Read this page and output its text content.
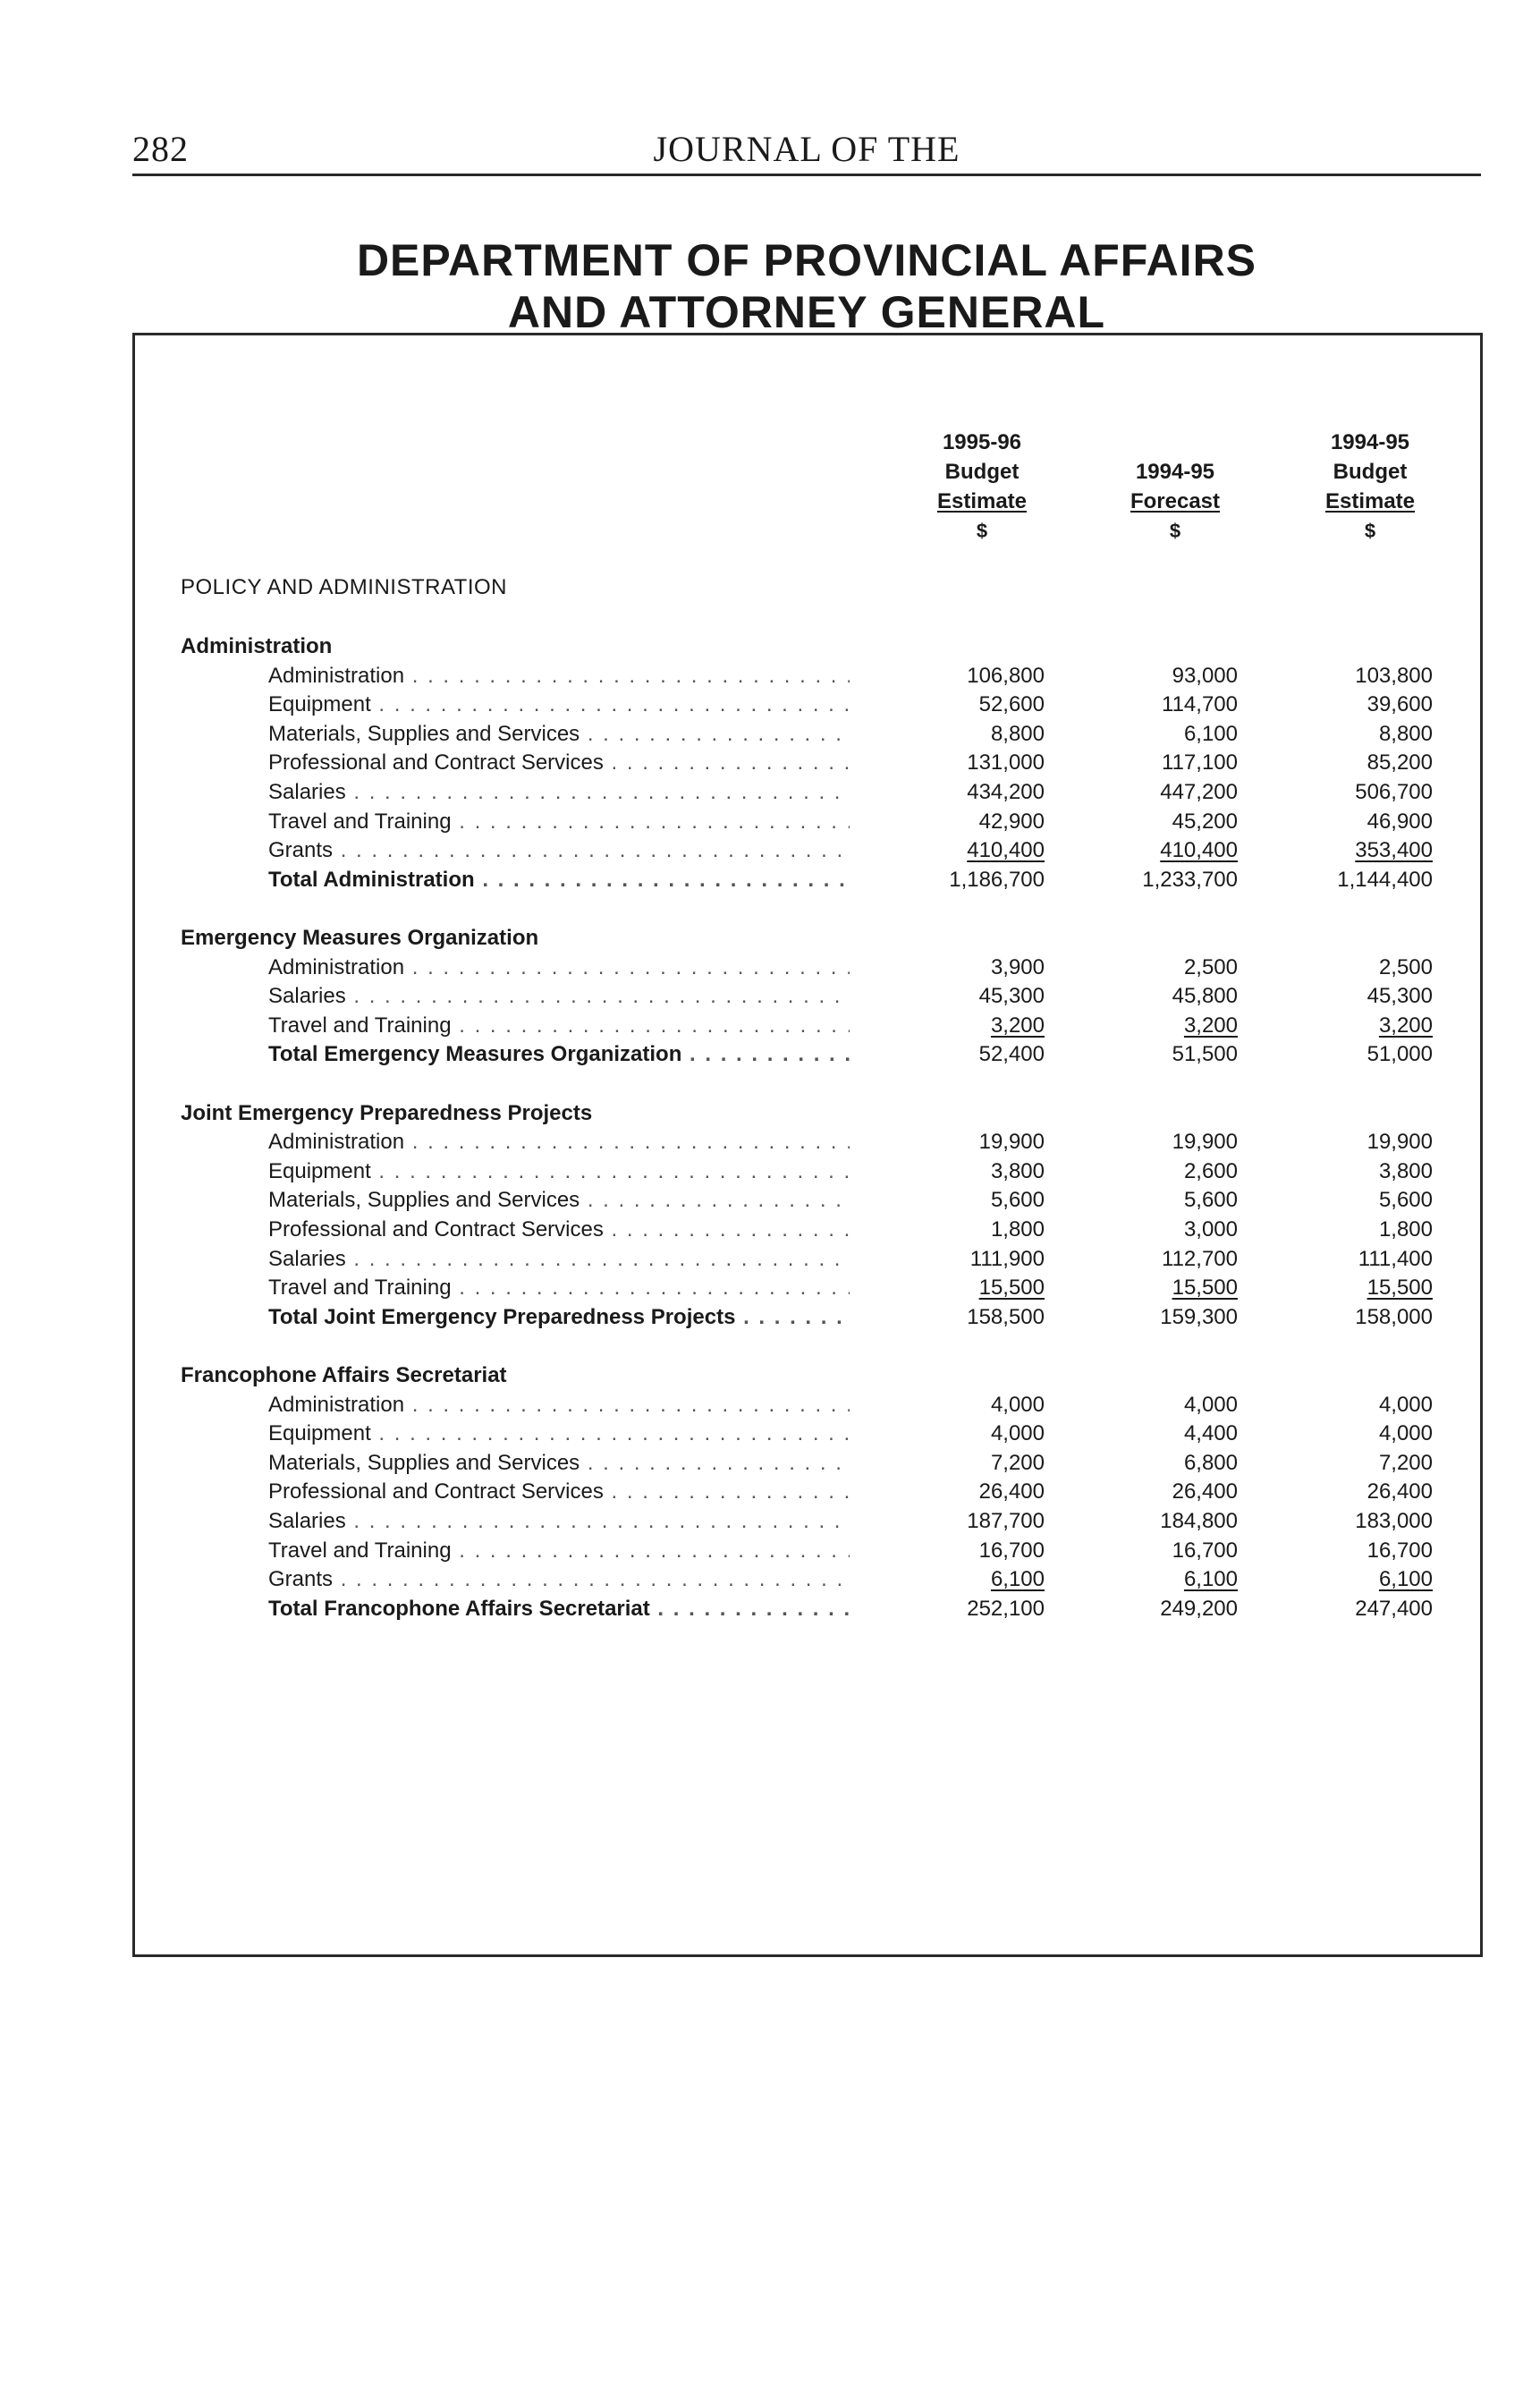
282	JOURNAL OF THE
DEPARTMENT OF PROVINCIAL AFFAIRS
AND ATTORNEY GENERAL
1995-96
Budget
Estimate
$

1994-95
Forecast
$
1994-95
Budget
Estimate
$
POLICY AND ADMINISTRATION
Administration
Administration . . .	106,800	93,000	103,800
Equipment . . .	52,600	114,700	39,600
Materials, Supplies and Services . . .	8,800	6,100	8,800
Professional and Contract Services . . .	131,000	117,100	85,200
Salaries . . .	434,200	447,200	506,700
Travel and Training . . .	42,900	45,200	46,900
Grants . . .	410,400	410,400	353,400
Total Administration . . .	1,186,700	1,233,700	1,144,400
Emergency Measures Organization
Administration . . .	3,900	2,500	2,500
Salaries . . .	45,300	45,800	45,300
Travel and Training . . .	3,200	3,200	3,200
Total Emergency Measures Organization . . .	52,400	51,500	51,000
Joint Emergency Preparedness Projects
Administration . . .	19,900	19,900	19,900
Equipment . . .	3,800	2,600	3,800
Materials, Supplies and Services . . .	5,600	5,600	5,600
Professional and Contract Services . . .	1,800	3,000	1,800
Salaries . . .	111,900	112,700	111,400
Travel and Training . . .	15,500	15,500	15,500
Total Joint Emergency Preparedness Projects . . .	158,500	159,300	158,000
Francophone Affairs Secretariat
Administration . . .	4,000	4,000	4,000
Equipment . . .	4,000	4,400	4,000
Materials, Supplies and Services . . .	7,200	6,800	7,200
Professional and Contract Services . . .	26,400	26,400	26,400
Salaries . . .	187,700	184,800	183,000
Travel and Training . . .	16,700	16,700	16,700
Grants . . .	6,100	6,100	6,100
Total Francophone Affairs Secretariat . . .	252,100	249,200	247,400
